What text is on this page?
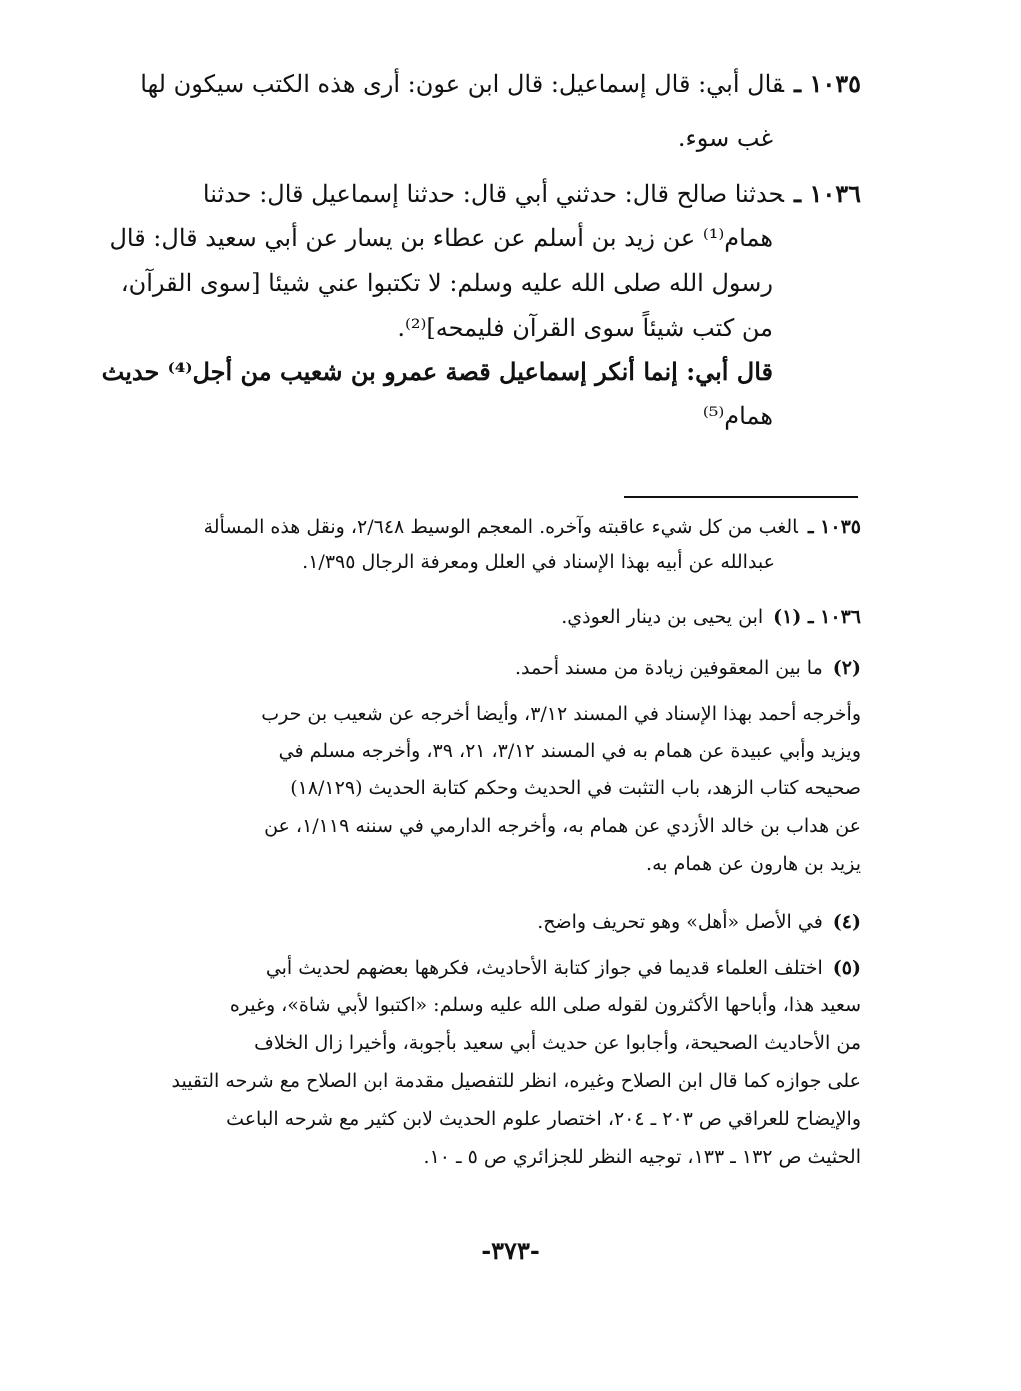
١٠٣٥ ـقال أبي: قال إسماعيل: قال ابن عون: أرى هذه الكتب سيكون لها
غب سوء.
١٠٣٦ ـحدثنا صالح قال: حدثني أبي قال: حدثنا إسماعيل قال: حدثنا
همام⁽¹⁾ عن زيد بن أسلم عن عطاء بن يسار عن أبي سعيد قال: قال
رسول الله صلى الله عليه وسلم: لا تكتبوا عني شيئا [سوى القرآن،
من كتب شيئاً سوى القرآن فليمحه]⁽²⁾.
قال أبي: إنما أنكر إسماعيل قصة عمرو بن شعيب من أجل⁽⁴⁾ حديث
همام⁽⁵⁾
١٠٣٥ ـالغب من كل شيء عاقبته وآخره. المعجم الوسيط ٢/٦٤٨، ونقل هذه المسألة
عبدالله عن أبيه بهذا الإسناد في العلل ومعرفة الرجال ١/٣٩٥.
١٠٣٦ ـ (١)ابن يحيى بن دينار العوذي.
(٢)ما بين المعقوفين زيادة من مسند أحمد.
وأخرجه أحمد بهذا الإسناد في المسند ٣/١٢، وأيضا أخرجه عن شعيب بن حرب
ويزيد وأبي عبيدة عن همام به في المسند ٣/١٢، ٢١، ٣٩، وأخرجه مسلم في
صحيحه كتاب الزهد، باب التثبت في الحديث وحكم كتابة الحديث (١٨/١٢٩)
عن هداب بن خالد الأزدي عن همام به، وأخرجه الدارمي في سننه ١/١١٩، عن
يزيد بن هارون عن همام به.
(٤)في الأصل «أهل» وهو تحريف واضح.
(٥)اختلف العلماء قديما في جواز كتابة الأحاديث، فكرهها بعضهم لحديث أبي
سعيد هذا، وأباحها الأكثرون لقوله صلى الله عليه وسلم: «اكتبوا لأبي شاة»، وغيره
من الأحاديث الصحيحة، وأجابوا عن حديث أبي سعيد بأجوبة، وأخيرا زال الخلاف
على جوازه كما قال ابن الصلاح وغيره، انظر للتفصيل مقدمة ابن الصلاح مع شرحه التقييد
والإيضاح للعراقي ص ٢٠٣ ـ ٢٠٤، اختصار علوم الحديث لابن كثير مع شرحه الباعث
الحثيث ص ١٣٢ ـ ١٣٣، توجيه النظر للجزائري ص ٥ ـ ١٠.
-٣٧٣-
